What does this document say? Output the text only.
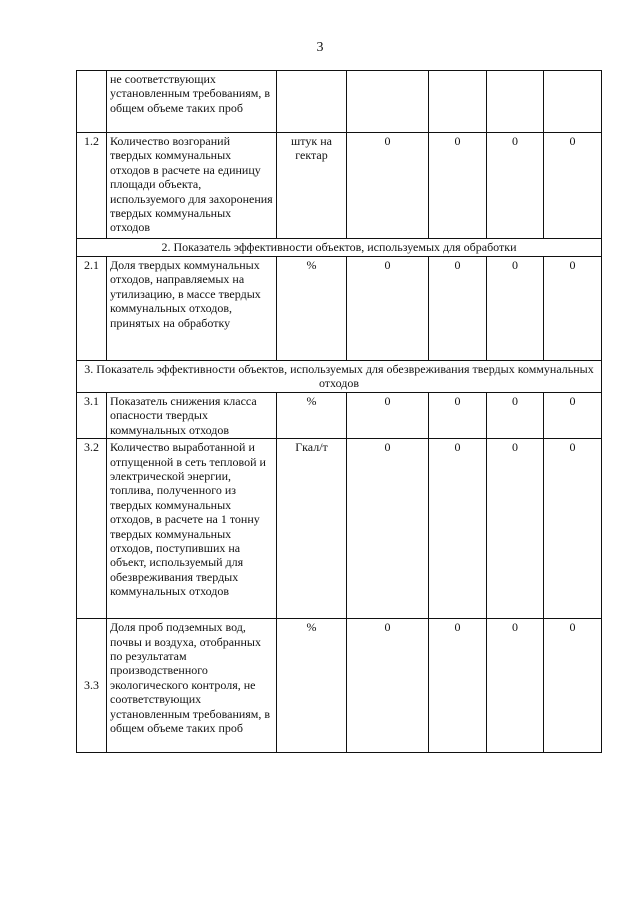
3
	не соответствующих установленным требованиям, в общем объеме таких проб					
1.2	Количество возгораний твердых коммунальных отходов в расчете на единицу площади объекта, используемого для захоронения твердых коммунальных отходов	штук на гектар	0	0	0	0
2. Показатель эффективности объектов, используемых для обработки						
2.1	Доля твердых коммунальных отходов, направляемых на утилизацию, в массе твердых коммунальных отходов, принятых на обработку	%	0	0	0	0
3. Показатель эффективности объектов, используемых для обезвреживания твердых коммунальных отходов						
3.1	Показатель снижения класса опасности твердых коммунальных отходов	%	0	0	0	0
3.2	Количество выработанной и отпущенной в сеть тепловой и электрической энергии, топлива, полученного из твердых коммунальных отходов, в расчете на 1 тонну твердых коммунальных отходов, поступивших на объект, используемый для обезвреживания твердых коммунальных отходов	Гкал/т	0	0	0	0
3.3	Доля проб подземных вод, почвы и воздуха, отобранных по результатам производственного экологического контроля, не соответствующих установленным требованиям, в общем объеме таких проб	%	0	0	0	0
